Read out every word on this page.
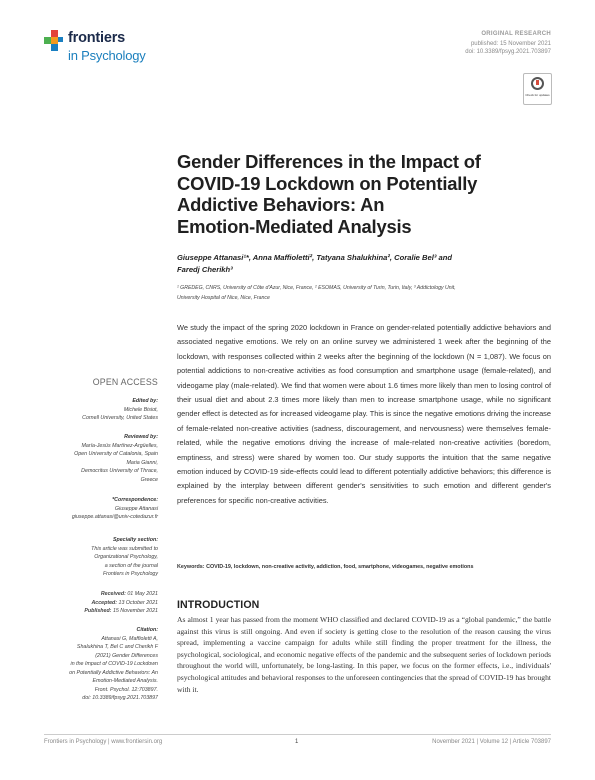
frontiers
in Psychology
ORIGINAL RESEARCH
published: 15 November 2021
doi: 10.3389/fpsyg.2021.703897
Check for updates
Gender Differences in the Impact of
COVID-19 Lockdown on Potentially
Addictive Behaviors: An
Emotion-Mediated Analysis
Giuseppe Attanasi¹*, Anna Maffioletti², Tatyana Shalukhina², Coralie Bel³ and
Faredj Cherikh³
¹ GREDEG, CNRS, University of Côte d'Azur, Nice, France, ² ESOMAS, University of Turin, Turin, Italy, ³ Addictology Unit,
University Hospital of Nice, Nice, France
We study the impact of the spring 2020 lockdown in France on gender-related potentially addictive behaviors and associated negative emotions. We rely on an online survey we administered 1 week after the beginning of the lockdown, with responses collected within 2 weeks after the beginning of the lockdown (N = 1,087). We focus on potential addictions to non-creative activities as food consumption and smartphone usage (female-related), and videogame play (male-related). We find that women were about 1.6 times more likely than men to losing control of their usual diet and about 2.3 times more likely than men to increase smartphone usage, while no significant gender effect is detected as for increased videogame play. This is since the negative emotions driving the increase of female-related non-creative activities (sadness, discouragement, and nervousness) were themselves female-related, while the negative emotions driving the increase of male-related non-creative activities (boredom, emptiness, and stress) were shared by women too. Our study supports the intuition that the same negative emotion induced by COVID-19 side-effects could lead to different potentially addictive behaviors; this difference is explained by the interplay between different gender's sensitivities to such emotion and different gender's preferences for specific non-creative activities.
Keywords: COVID-19, lockdown, non-creative activity, addiction, food, smartphone, videogames, negative emotions
INTRODUCTION
As almost 1 year has passed from the moment WHO classified and declared COVID-19 as a “global pandemic,” the battle against this virus is still ongoing. And even if society is getting close to the resolution of the reason causing the virus spread, implementing a vaccine campaign for adults while still finding the proper treatment for the illness, the psychological, sociological, and economic negative effects of the pandemic and the subsequent series of lockdown periods throughout the world will, unfortunately, be long-lasting. In this paper, we focus on the former effects, i.e., individuals' psychological attitudes and behavioral responses to the unforeseen contingencies that the spread of COVID-19 has brought with it.
OPEN ACCESS
Edited by:
Michele Bisiot,
Cornell University, United States
Reviewed by:
María-Jesús Martínez-Argüelles,
Open University of Catalonia, Spain
Maria Gianni,
Democritus University of Thrace,
Greece
*Correspondence:
Giuseppe Attanasi
giuseppe.attanasi@univ-cotedazur.fr
Specialty section:
This article was submitted to
Organizational Psychology,
a section of the journal
Frontiers in Psychology
Received: 01 May 2021
Accepted: 13 October 2021
Published: 15 November 2021
Citation:
Attanasi G, Maffioletti A,
Shalukhina T, Bel C and Cherikh F
(2021) Gender Differences
in the Impact of COVID-19 Lockdown
on Potentially Addictive Behaviors: An
Emotion-Mediated Analysis.
Front. Psychol. 12:703897.
doi: 10.3389/fpsyg.2021.703897
Frontiers in Psychology | www.frontiersin.org	1	November 2021 | Volume 12 | Article 703897
